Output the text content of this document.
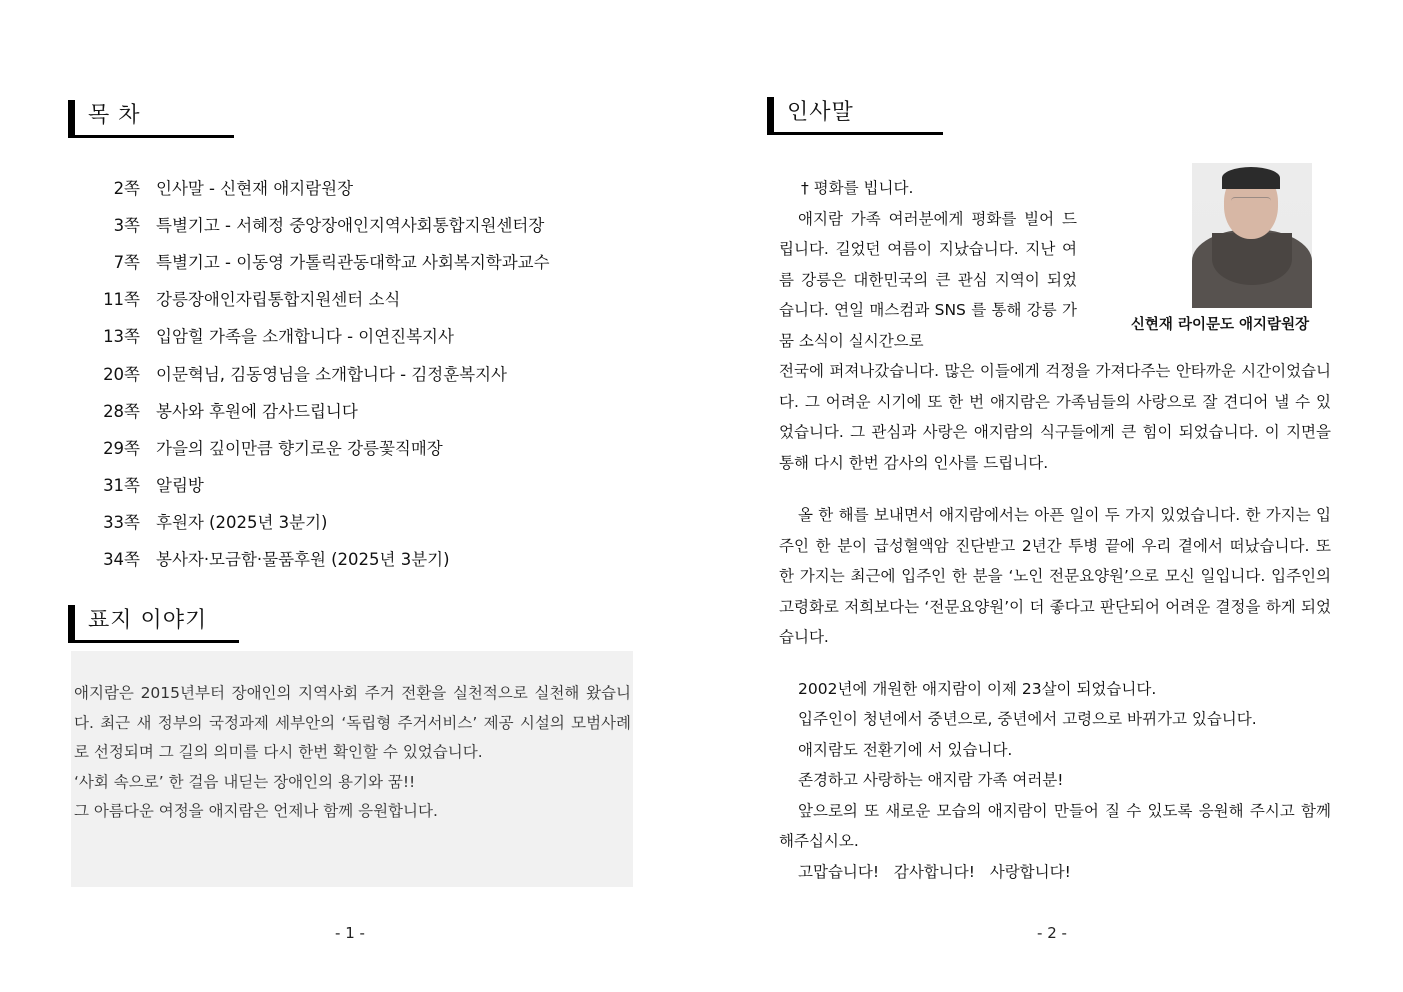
목 차
2쪽 인사말 - 신현재 애지람원장
3쪽 특별기고 - 서혜정 중앙장애인지역사회통합지원센터장
7쪽 특별기고 - 이동영 가톨릭관동대학교 사회복지학과교수
11쪽 강릉장애인자립통합지원센터 소식
13쪽 입암힐 가족을 소개합니다 - 이연진복지사
20쪽 이문혁님, 김동영님을 소개합니다 - 김정훈복지사
28쪽 봉사와 후원에 감사드립니다
29쪽 가을의 깊이만큼 향기로운 강릉꽃직매장
31쪽 알림방
33쪽 후원자 (2025년 3분기)
34쪽 봉사자·모금함·물품후원 (2025년 3분기)
표지 이야기

애지람은 2015년부터 장애인의 지역사회 주거 전환을 실천적으로 실천해 왔습니다. 최근 새 정부의 국정과제 세부안의 ‘독립형 주거서비스’ 제공 시설의 모범사례로 선정되며 그 길의 의미를 다시 한번 확인할 수 있었습니다.

‘사회 속으로’ 한 걸음 내딛는 장애인의 용기와 꿈!!

그 아름다운 여정을 애지람은 언제나 함께 응원합니다.

- 1 -
인사말
신현재 라이문도 애지람원장

† 평화를 빕니다.

애지람 가족 여러분에게 평화를 빌어 드립니다. 길었던 여름이 지났습니다. 지난 여름 강릉은 대한민국의 큰 관심 지역이 되었습니다. 연일 매스컴과 SNS 를 통해 강릉 가뭄 소식이 실시간으로

전국에 퍼져나갔습니다. 많은 이들에게 걱정을 가져다주는 안타까운 시간이었습니다. 그 어려운 시기에 또 한 번 애지람은 가족님들의 사랑으로 잘 견디어 낼 수 있었습니다. 그 관심과 사랑은 애지람의 식구들에게 큰 힘이 되었습니다. 이 지면을 통해 다시 한번 감사의 인사를 드립니다.

올 한 해를 보내면서 애지람에서는 아픈 일이 두 가지 있었습니다. 한 가지는 입주인 한 분이 급성혈액암 진단받고 2년간 투병 끝에 우리 곁에서 떠났습니다. 또 한 가지는 최근에 입주인 한 분을 ‘노인 전문요양원’으로 모신 일입니다. 입주인의 고령화로 저희보다는 ‘전문요양원’이 더 좋다고 판단되어 어려운 결정을 하게 되었습니다.

2002년에 개원한 애지람이 이제 23살이 되었습니다.

입주인이 청년에서 중년으로, 중년에서 고령으로 바뀌가고 있습니다.

애지람도 전환기에 서 있습니다.

존경하고 사랑하는 애지람 가족 여러분!

앞으로의 또 새로운 모습의 애지람이 만들어 질 수 있도록 응원해 주시고 함께 해주십시오.

고맙습니다!   감사합니다!   사랑합니다!

- 2 -
